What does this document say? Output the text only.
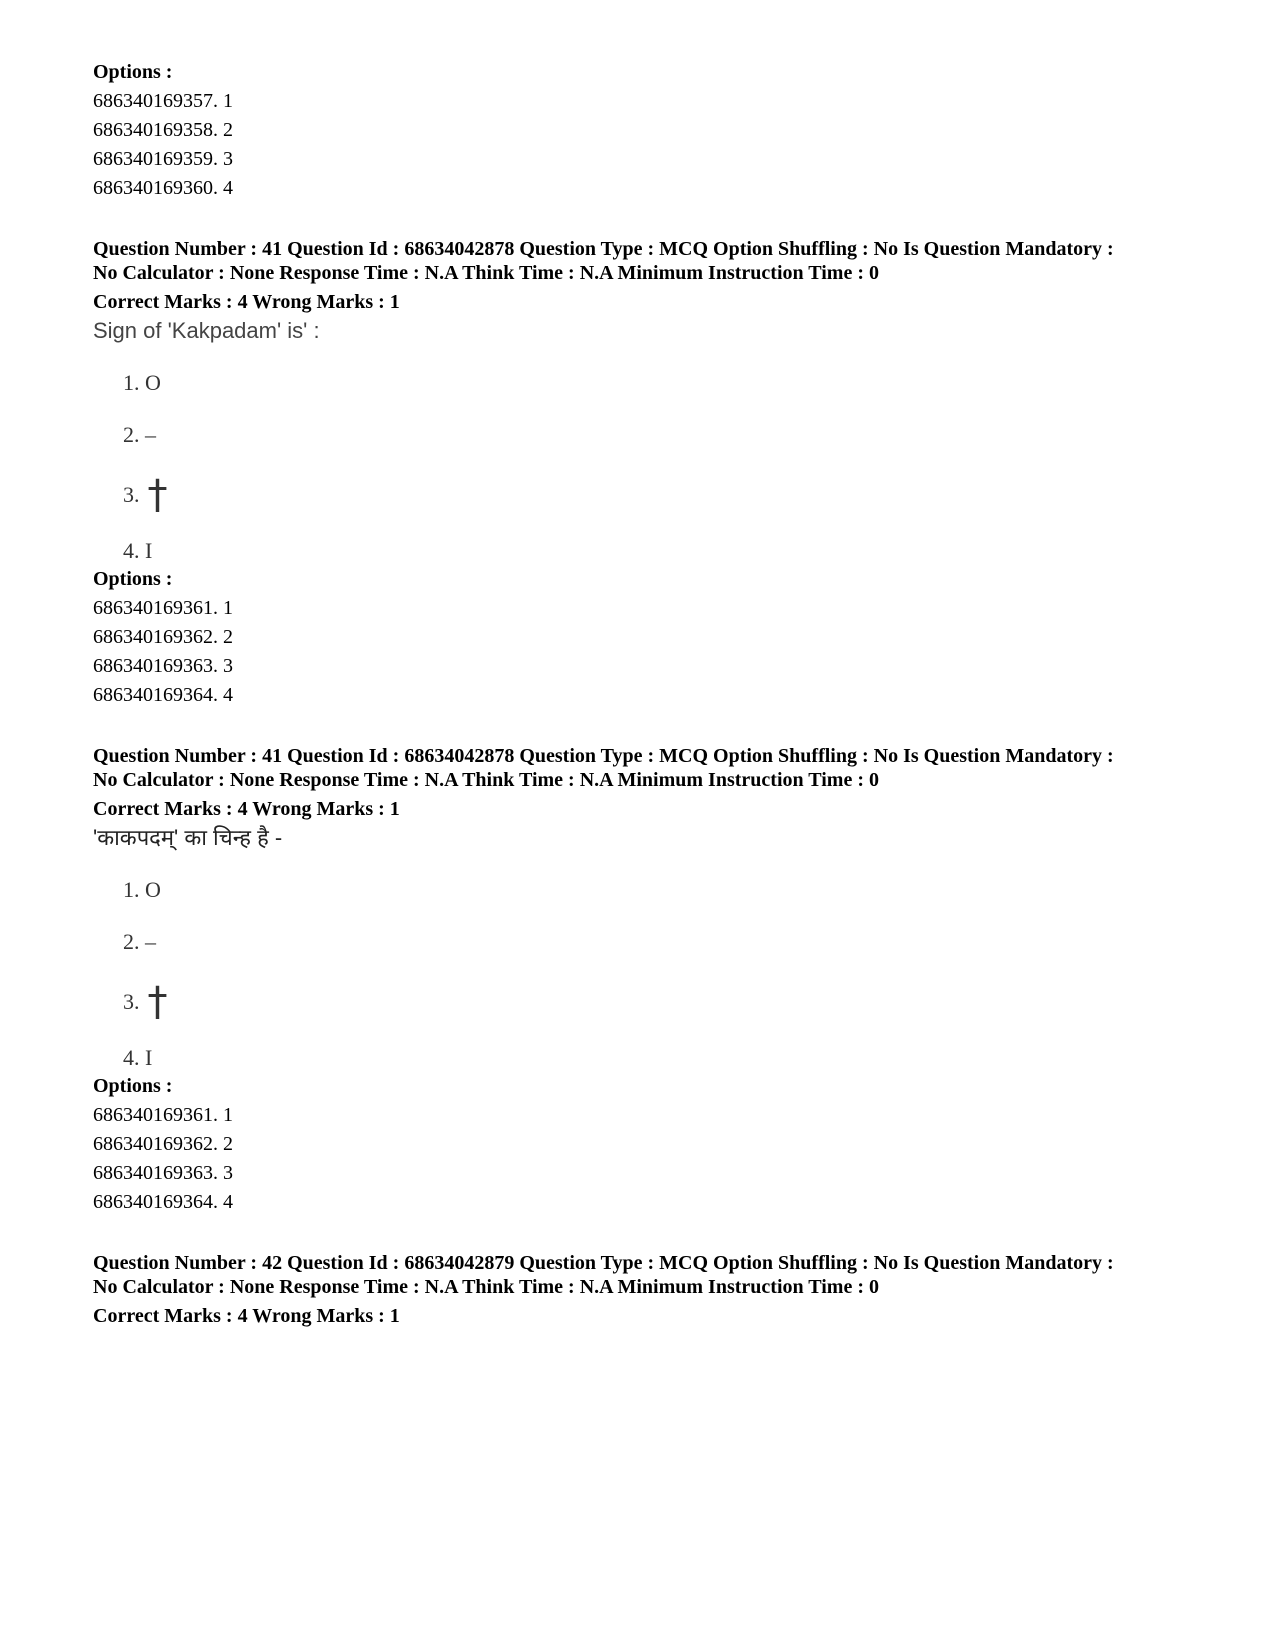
Options :
686340169357. 1
686340169358. 2
686340169359. 3
686340169360. 4
Question Number : 41 Question Id : 68634042878 Question Type : MCQ Option Shuffling : No Is Question Mandatory :
No Calculator : None Response Time : N.A Think Time : N.A Minimum Instruction Time : 0
Correct Marks : 4 Wrong Marks : 1
Sign of 'Kakpadam' is' :
1.
O
2.
–
3. †
4.
I
Options :
686340169361. 1
686340169362. 2
686340169363. 3
686340169364. 4
Question Number : 41 Question Id : 68634042878 Question Type : MCQ Option Shuffling : No Is Question Mandatory :
No Calculator : None Response Time : N.A Think Time : N.A Minimum Instruction Time : 0
Correct Marks : 4 Wrong Marks : 1
'काकपदम्' का चिन्ह है -
1.
O
2.
–
3. †
4.
I
Options :
686340169361. 1
686340169362. 2
686340169363. 3
686340169364. 4
Question Number : 42 Question Id : 68634042879 Question Type : MCQ Option Shuffling : No Is Question Mandatory :
No Calculator : None Response Time : N.A Think Time : N.A Minimum Instruction Time : 0
Correct Marks : 4 Wrong Marks : 1
